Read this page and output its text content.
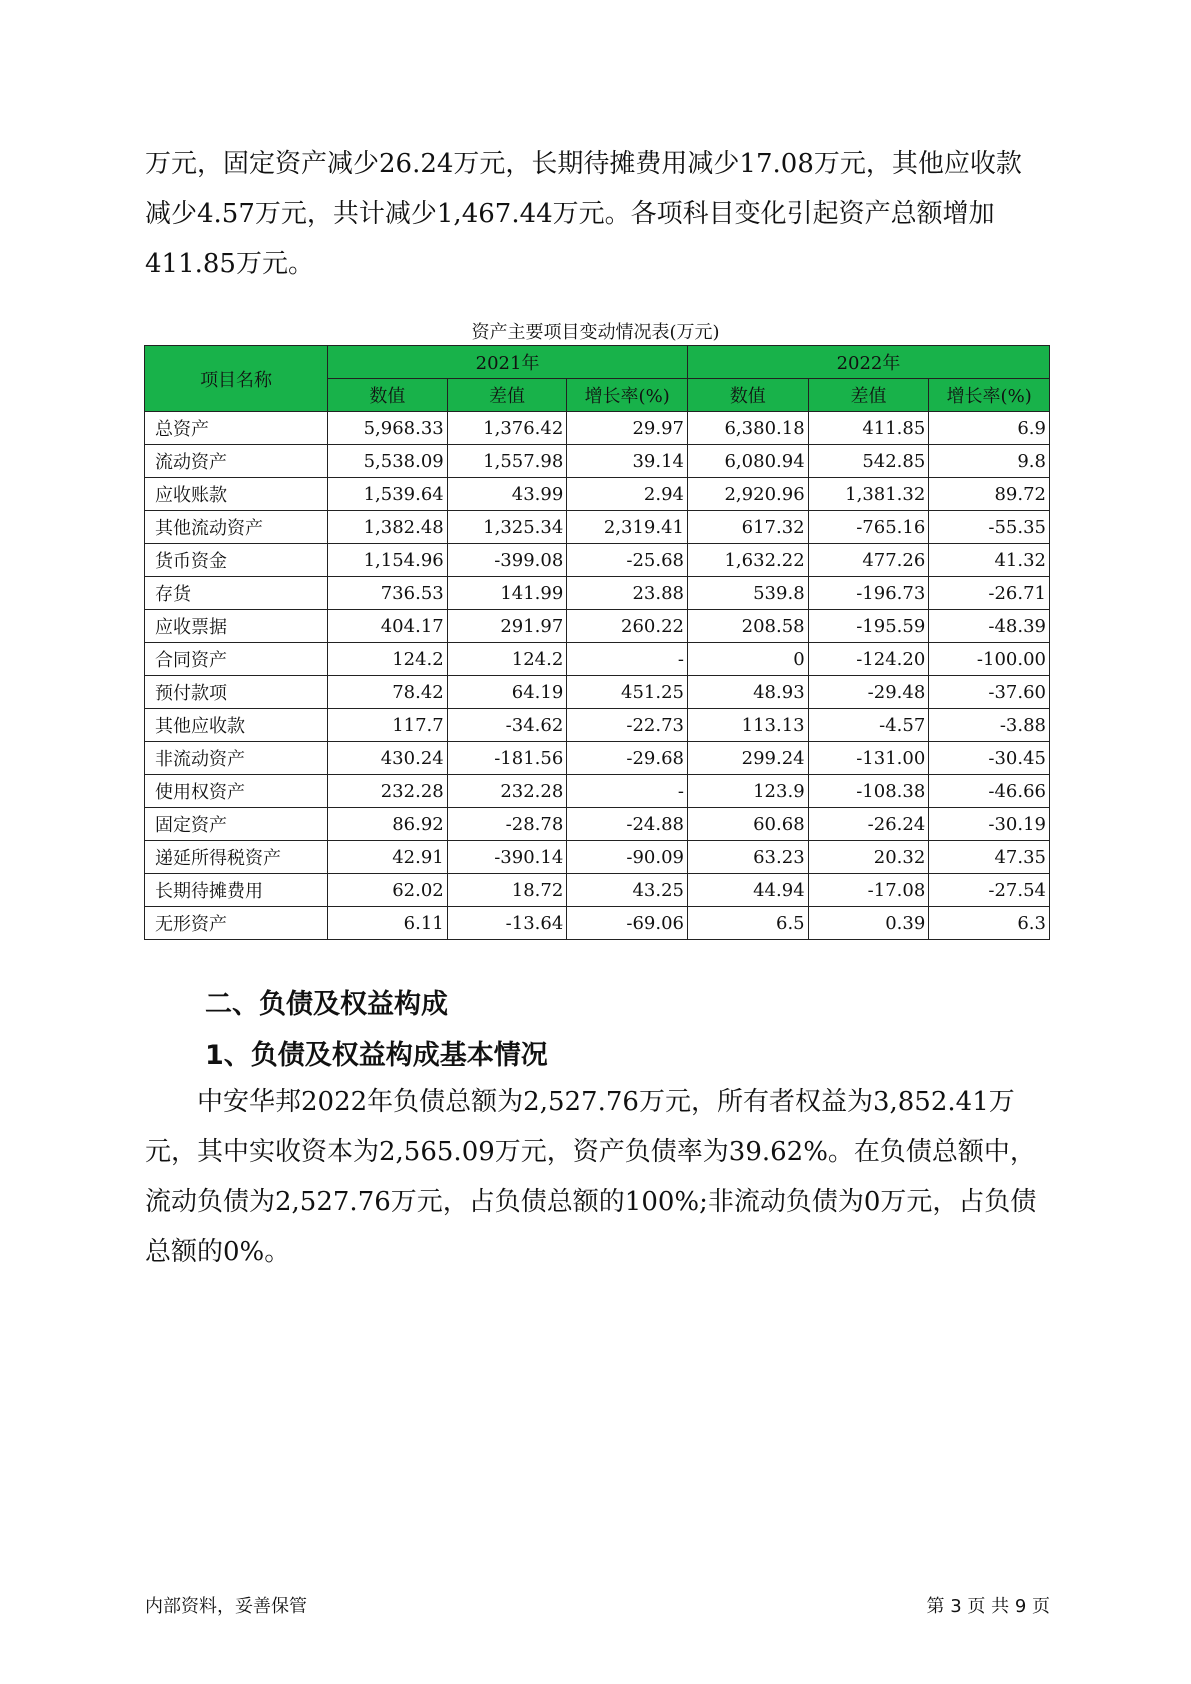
万元，固定资产减少26.24万元，长期待摊费用减少17.08万元，其他应收款减少4.57万元，共计减少1,467.44万元。各项科目变化引起资产总额增加411.85万元。

资产主要项目变动情况表(万元)
项目名称	2021年			2022年		
	数值	差值	增长率(%)	数值	差值	增长率(%)
总资产	5,968.33	1,376.42	29.97	6,380.18	411.85	6.9
流动资产	5,538.09	1,557.98	39.14	6,080.94	542.85	9.8
应收账款	1,539.64	43.99	2.94	2,920.96	1,381.32	89.72
其他流动资产	1,382.48	1,325.34	2,319.41	617.32	-765.16	-55.35
货币资金	1,154.96	-399.08	-25.68	1,632.22	477.26	41.32
存货	736.53	141.99	23.88	539.8	-196.73	-26.71
应收票据	404.17	291.97	260.22	208.58	-195.59	-48.39
合同资产	124.2	124.2	-	0	-124.20	-100.00
预付款项	78.42	64.19	451.25	48.93	-29.48	-37.60
其他应收款	117.7	-34.62	-22.73	113.13	-4.57	-3.88
非流动资产	430.24	-181.56	-29.68	299.24	-131.00	-30.45
使用权资产	232.28	232.28	-	123.9	-108.38	-46.66
固定资产	86.92	-28.78	-24.88	60.68	-26.24	-30.19
递延所得税资产	42.91	-390.14	-90.09	63.23	20.32	47.35
长期待摊费用	62.02	18.72	43.25	44.94	-17.08	-27.54
无形资产	6.11	-13.64	-69.06	6.5	0.39	6.3
二、负债及权益构成
1、负债及权益构成基本情况

中安华邦2022年负债总额为2,527.76万元，所有者权益为3,852.41万元，其中实收资本为2,565.09万元，资产负债率为39.62%。在负债总额中，流动负债为2,527.76万元，占负债总额的100%;非流动负债为0万元，占负债总额的0%。

内部资料，妥善保管	第 3 页 共 9 页
